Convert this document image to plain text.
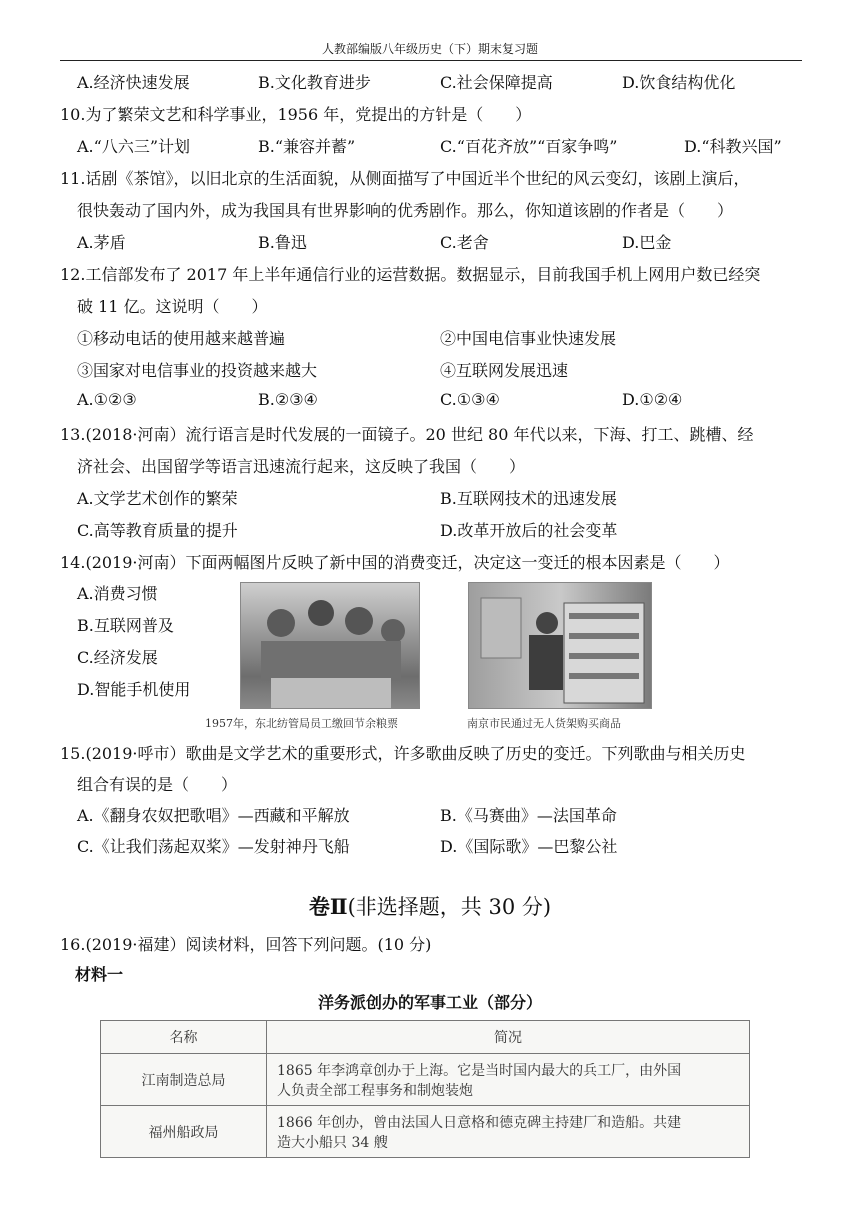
人教部编版八年级历史（下）期末复习题
A.经济快速发展	B.文化教育进步	C.社会保障提高	D.饮食结构优化
10.为了繁荣文艺和科学事业，1956 年，党提出的方针是（　　）
A.“八六三”计划	B.“兼容并蓄”	C.“百花齐放”“百家争鸣”	D.“科教兴国”
11.话剧《茶馆》，以旧北京的生活面貌，从侧面描写了中国近半个世纪的风云变幻，该剧上演后，
很快轰动了国内外，成为我国具有世界影响的优秀剧作。那么，你知道该剧的作者是（　　）
A.茅盾	B.鲁迅	C.老舍	D.巴金
12.工信部发布了 2017 年上半年通信行业的运营数据。数据显示，目前我国手机上网用户数已经突
破 11 亿。这说明（　　）
①移动电话的使用越来越普遍	②中国电信事业快速发展
③国家对电信事业的投资越来越大	④互联网发展迅速
A.①②③	B.②③④	C.①③④	D.①②④
13.(2018·河南）流行语言是时代发展的一面镜子。20 世纪 80 年代以来，下海、打工、跳槽、经
济社会、出国留学等语言迅速流行起来，这反映了我国（　　）
A.文学艺术创作的繁荣	B.互联网技术的迅速发展
C.高等教育质量的提升	D.改革开放后的社会变革
14.(2019·河南）下面两幅图片反映了新中国的消费变迁，决定这一变迁的根本因素是（　　）
A.消费习惯
B.互联网普及
C.经济发展
D.智能手机使用
1957年，东北纺管局员工缴回节余粮票	南京市民通过无人货架购买商品
15.(2019·呼市）歌曲是文学艺术的重要形式，许多歌曲反映了历史的变迁。下列歌曲与相关历史
组合有误的是（　　）
A.《翻身农奴把歌唱》—西藏和平解放	B.《马赛曲》—法国革命
C.《让我们荡起双桨》—发射神丹飞船	D.《国际歌》—巴黎公社
卷Ⅱ(非选择题，共 30 分)
16.(2019·福建）阅读材料，回答下列问题。(10 分)
材料一
洋务派创办的军事工业（部分）
名称	简况
江南制造总局	1865 年李鸿章创办于上海。它是当时国内最大的兵工厂，由外国
人负责全部工程事务和制炮装炮

福州船政局	1866 年创办，曾由法国人日意格和德克碑主持建厂和造船。共建
造大小船只 34 艘
